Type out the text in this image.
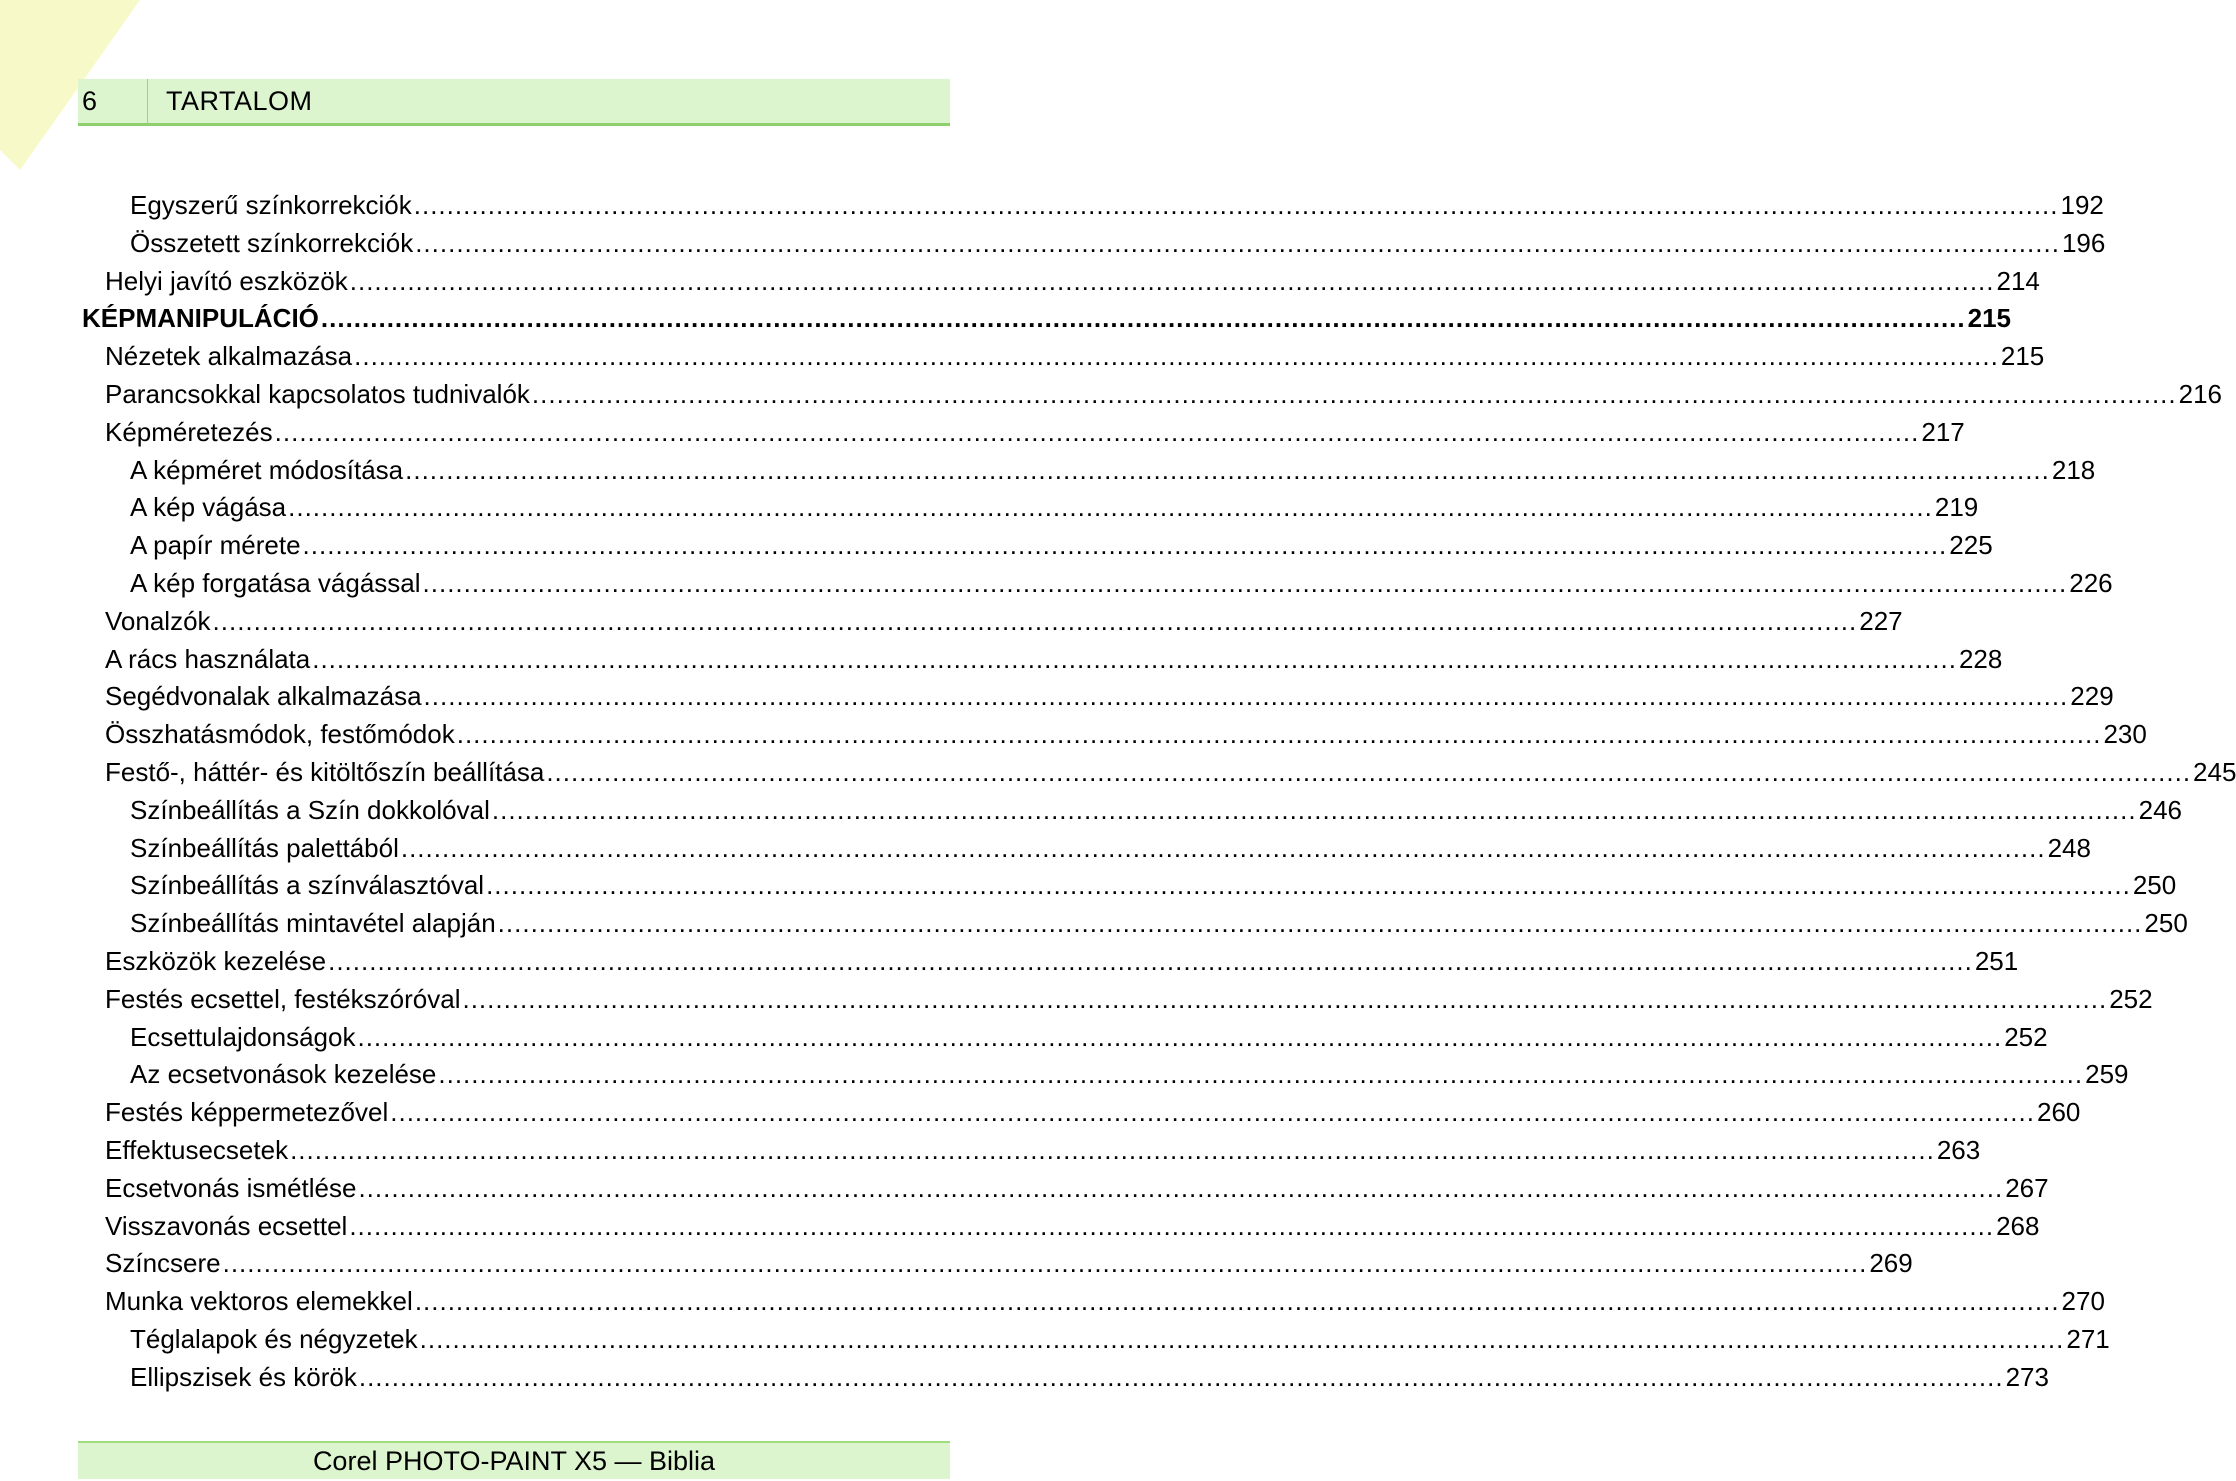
6	TARTALOM
Egyszerű színkorrekciók ........................................................................................................................................................................................................ 192
Összetett színkorrekciók ........................................................................................................................................................................................................ 196
Helyi javító eszközök ........................................................................................................................................................................................................ 214
KÉPMANIPULÁCIÓ ........................................................................................................................................................................................................ 215
Nézetek alkalmazása ........................................................................................................................................................................................................ 215
Parancsokkal kapcsolatos tudnivalók ........................................................................................................................................................................................................ 216
Képméretezés ........................................................................................................................................................................................................ 217
A képméret módosítása ........................................................................................................................................................................................................ 218
A kép vágása ........................................................................................................................................................................................................ 219
A papír mérete ........................................................................................................................................................................................................ 225
A kép forgatása vágással ........................................................................................................................................................................................................ 226
Vonalzók ........................................................................................................................................................................................................ 227
A rács használata ........................................................................................................................................................................................................ 228
Segédvonalak alkalmazása ........................................................................................................................................................................................................ 229
Összhatásmódok, festőmódok ........................................................................................................................................................................................................ 230
Festő-, háttér- és kitöltőszín beállítása ........................................................................................................................................................................................................ 245
Színbeállítás a Szín dokkolóval ........................................................................................................................................................................................................ 246
Színbeállítás palettából ........................................................................................................................................................................................................ 248
Színbeállítás a színválasztóval ........................................................................................................................................................................................................ 250
Színbeállítás mintavétel alapján ........................................................................................................................................................................................................ 250
Eszközök kezelése ........................................................................................................................................................................................................ 251
Festés ecsettel, festékszóróval ........................................................................................................................................................................................................ 252
Ecsettulajdonságok ........................................................................................................................................................................................................ 252
Az ecsetvonások kezelése ........................................................................................................................................................................................................ 259
Festés képpermetezővel ........................................................................................................................................................................................................ 260
Effektusecsetek ........................................................................................................................................................................................................ 263
Ecsetvonás ismétlése ........................................................................................................................................................................................................ 267
Visszavonás ecsettel ........................................................................................................................................................................................................ 268
Színcsere ........................................................................................................................................................................................................ 269
Munka vektoros elemekkel ........................................................................................................................................................................................................ 270
Téglalapok és négyzetek ........................................................................................................................................................................................................ 271
Ellipszisek és körök ........................................................................................................................................................................................................ 273
Corel PHOTO-PAINT X5 — Biblia
